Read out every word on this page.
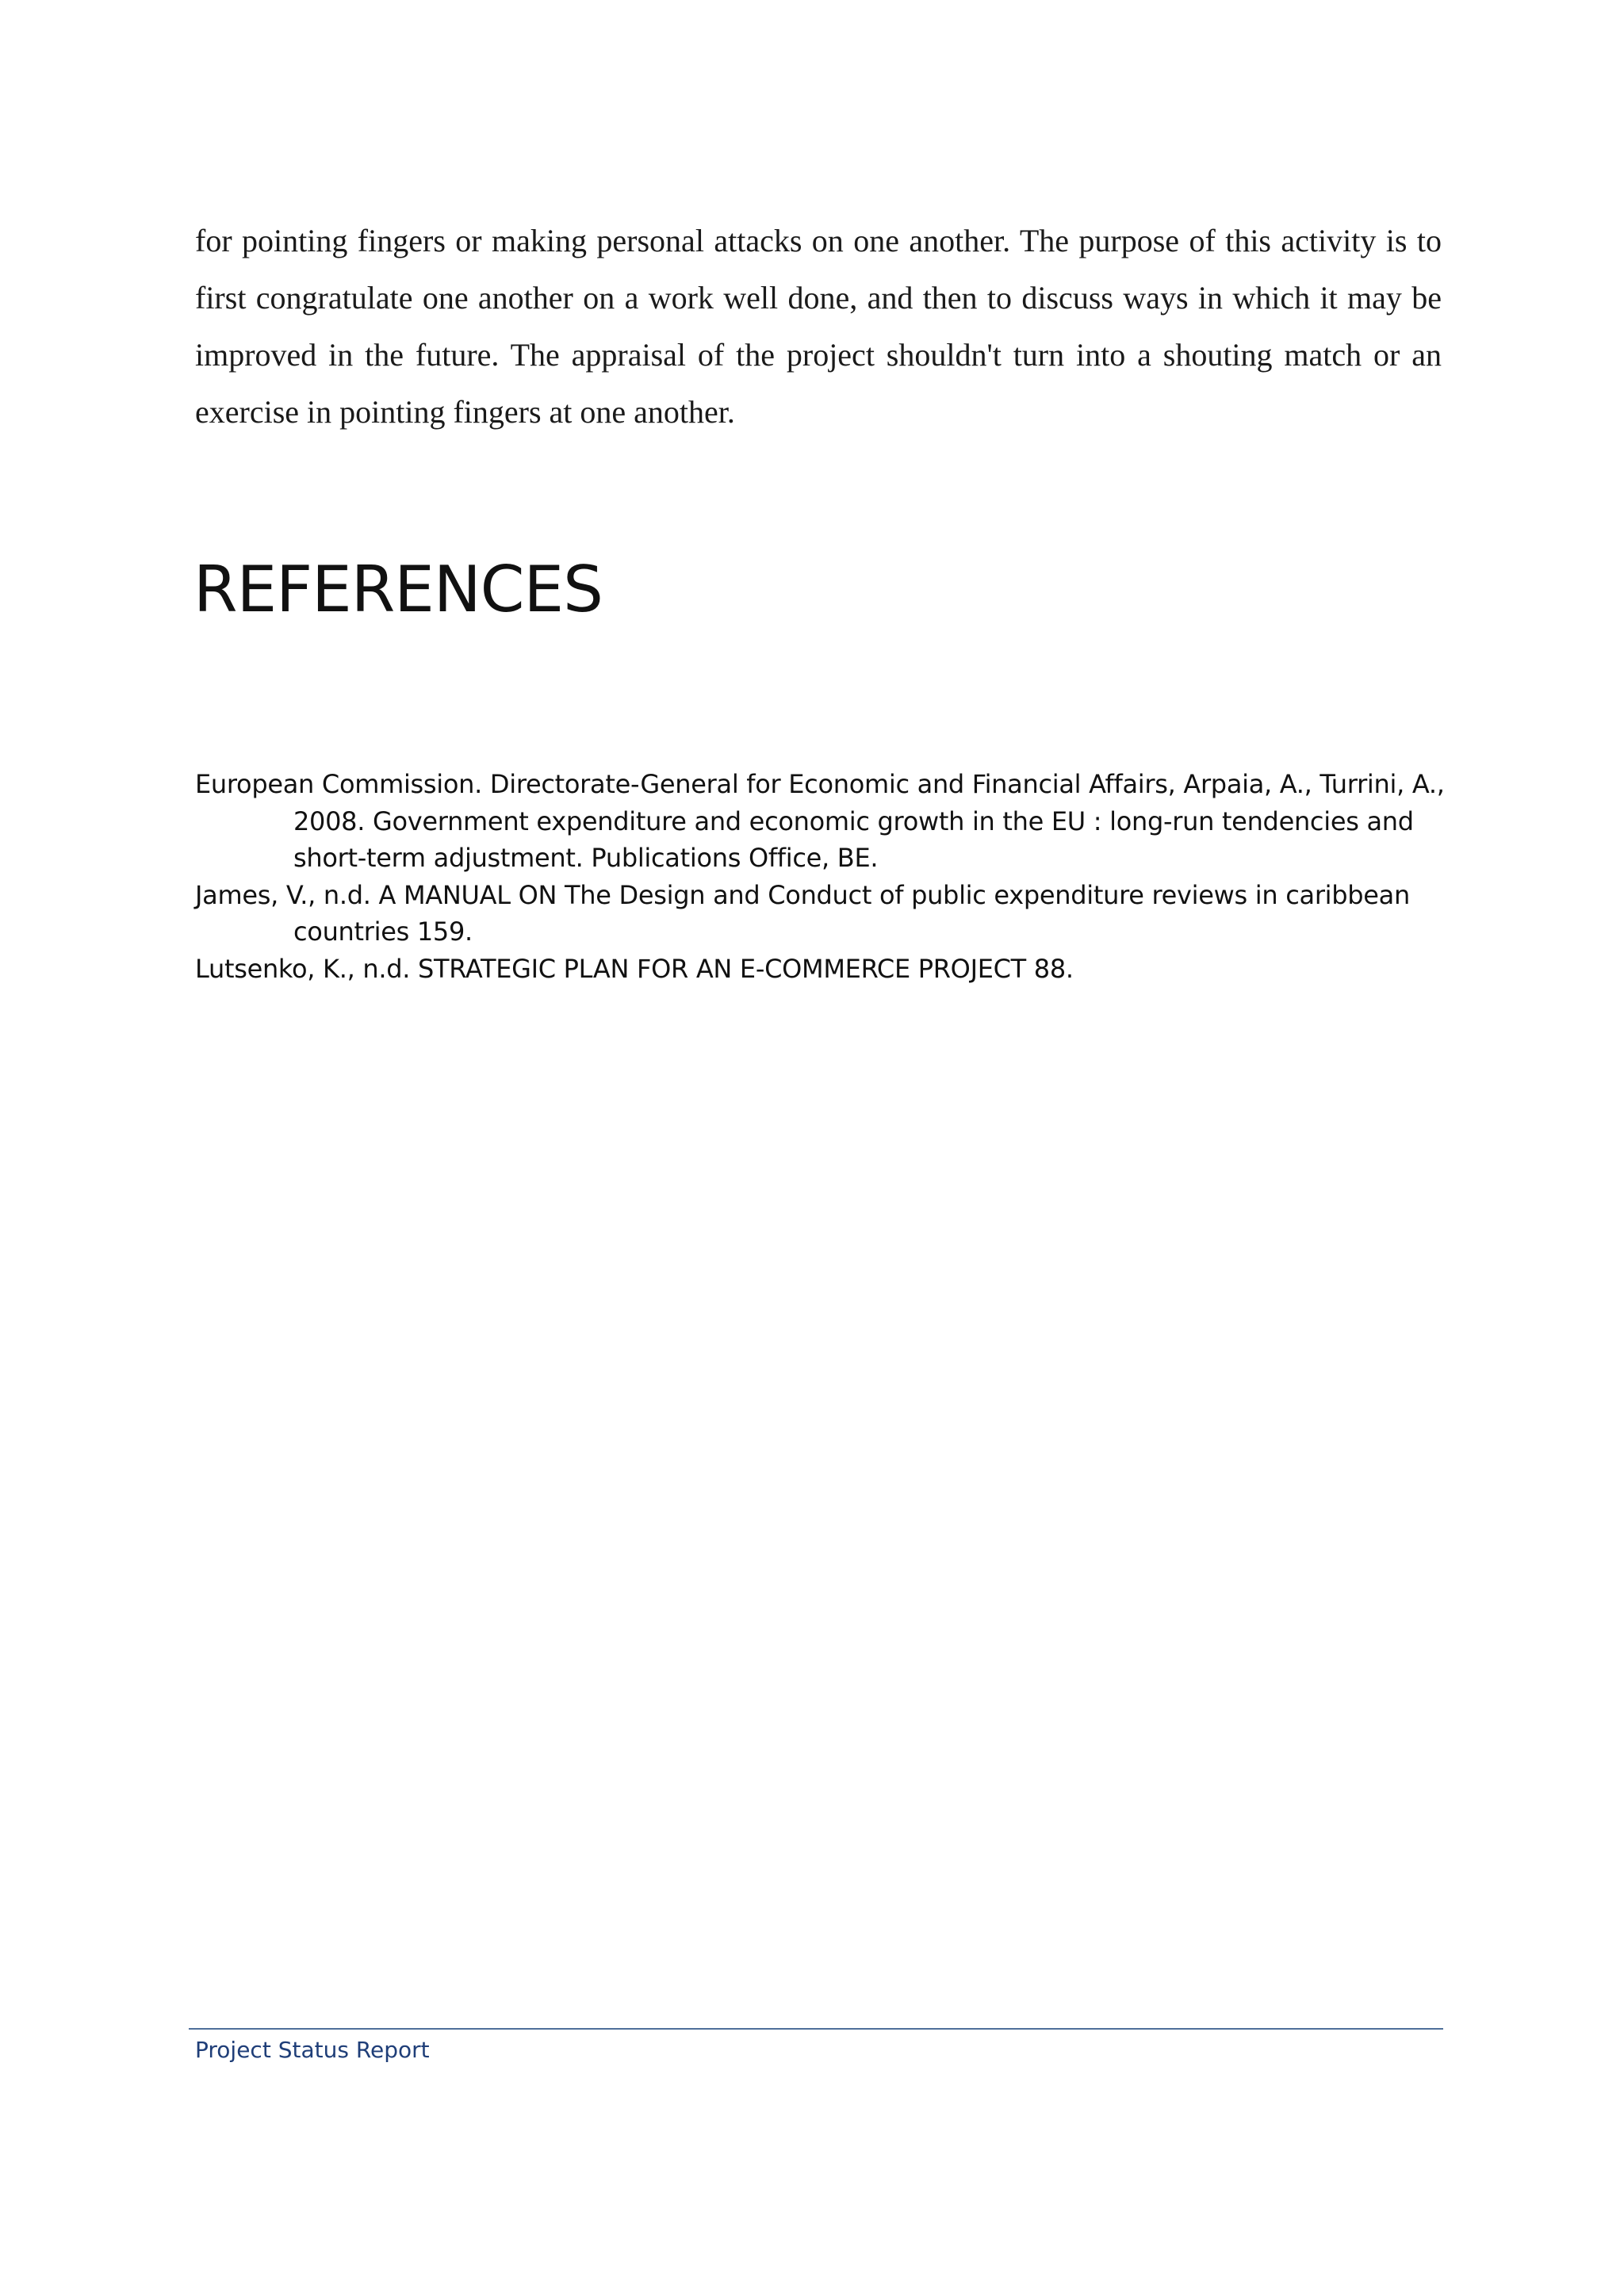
for pointing fingers or making personal attacks on one another. The purpose of this activity is to first congratulate one another on a work well done, and then to discuss ways in which it may be improved in the future. The appraisal of the project shouldn't turn into a shouting match or an exercise in pointing fingers at one another.

REFERENCES
European Commission. Directorate-General for Economic and Financial Affairs, Arpaia, A., Turrini, A., 2008. Government expenditure and economic growth in the EU : long-run tendencies and short-term adjustment. Publications Office, BE.
James, V., n.d. A MANUAL ON The Design and Conduct of public expenditure reviews in caribbean countries 159.
Lutsenko, K., n.d. STRATEGIC PLAN FOR AN E-COMMERCE PROJECT 88.

Project Status Report
